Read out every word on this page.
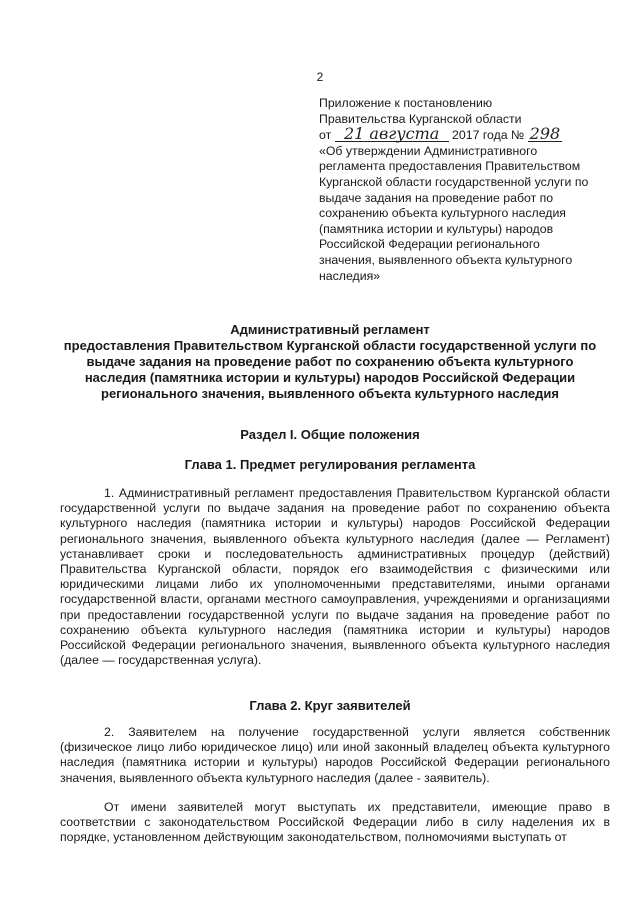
2
Приложение к постановлению
Правительства Курганской области
от 21 августа 2017 года № 298
«Об утверждении Административного
регламента предоставления Правительством
Курганской области государственной услуги по
выдаче задания на проведение работ по
сохранению объекта культурного наследия
(памятника истории и культуры) народов
Российской Федерации регионального
значения, выявленного объекта культурного
наследия»
Административный регламент
предоставления Правительством Курганской области государственной услуги по
выдаче задания на проведение работ по сохранению объекта культурного
наследия (памятника истории и культуры) народов Российской Федерации
регионального значения, выявленного объекта культурного наследия
Раздел I. Общие положения
Глава 1. Предмет регулирования регламента
1. Административный регламент предоставления Правительством Курганской области государственной услуги по выдаче задания на проведение работ по сохранению объекта культурного наследия (памятника истории и культуры) народов Российской Федерации регионального значения, выявленного объекта культурного наследия (далее — Регламент) устанавливает сроки и последовательность административных процедур (действий) Правительства Курганской области, порядок его взаимодействия с физическими или юридическими лицами либо их уполномоченными представителями, иными органами государственной власти, органами местного самоуправления, учреждениями и организациями при предоставлении государственной услуги по выдаче задания на проведение работ по сохранению объекта культурного наследия (памятника истории и культуры) народов Российской Федерации регионального значения, выявленного объекта культурного наследия (далее — государственная услуга).
Глава 2. Круг заявителей
2. Заявителем на получение государственной услуги является собственник (физическое лицо либо юридическое лицо) или иной законный владелец объекта культурного наследия (памятника истории и культуры) народов Российской Федерации регионального значения, выявленного объекта культурного наследия (далее - заявитель).
От имени заявителей могут выступать их представители, имеющие право в соответствии с законодательством Российской Федерации либо в силу наделения их в порядке, установленном действующим законодательством, полномочиями выступать от
